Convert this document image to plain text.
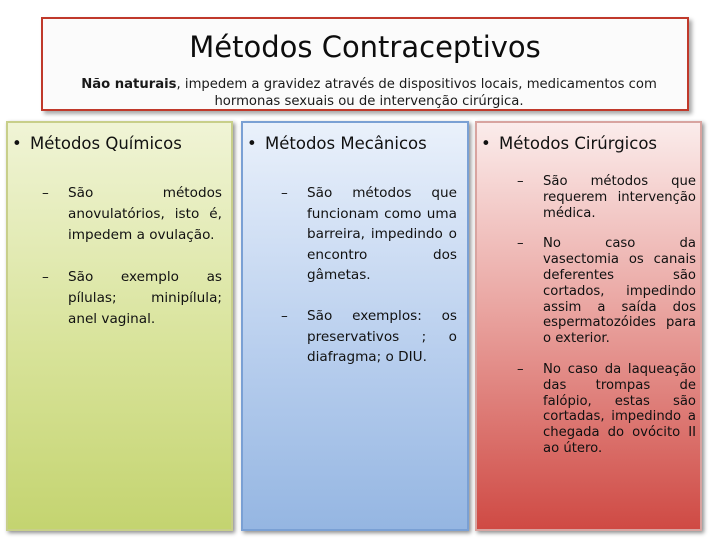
Métodos Contraceptivos
Não naturais, impedem a gravidez através de dispositivos locais, medicamentos com hormonas sexuais ou de intervenção cirúrgica.
• Métodos Químicos
– São métodos anovulatórios, isto é, impedem a ovulação.
– São exemplo as pílulas; minipílula; anel vaginal.
• Métodos Mecânicos
– São métodos que funcionam como uma barreira, impedindo o encontro dos gâmetas.
– São exemplos: os preservativos ; o diafragma; o DIU.
• Métodos Cirúrgicos
– São métodos que requerem intervenção médica.
– No caso da vasectomia os canais deferentes são cortados, impedindo assim a saída dos espermatozóides para o exterior.
– No caso da laqueação das trompas de falópio, estas são cortadas, impedindo a chegada do ovócito II ao útero.
